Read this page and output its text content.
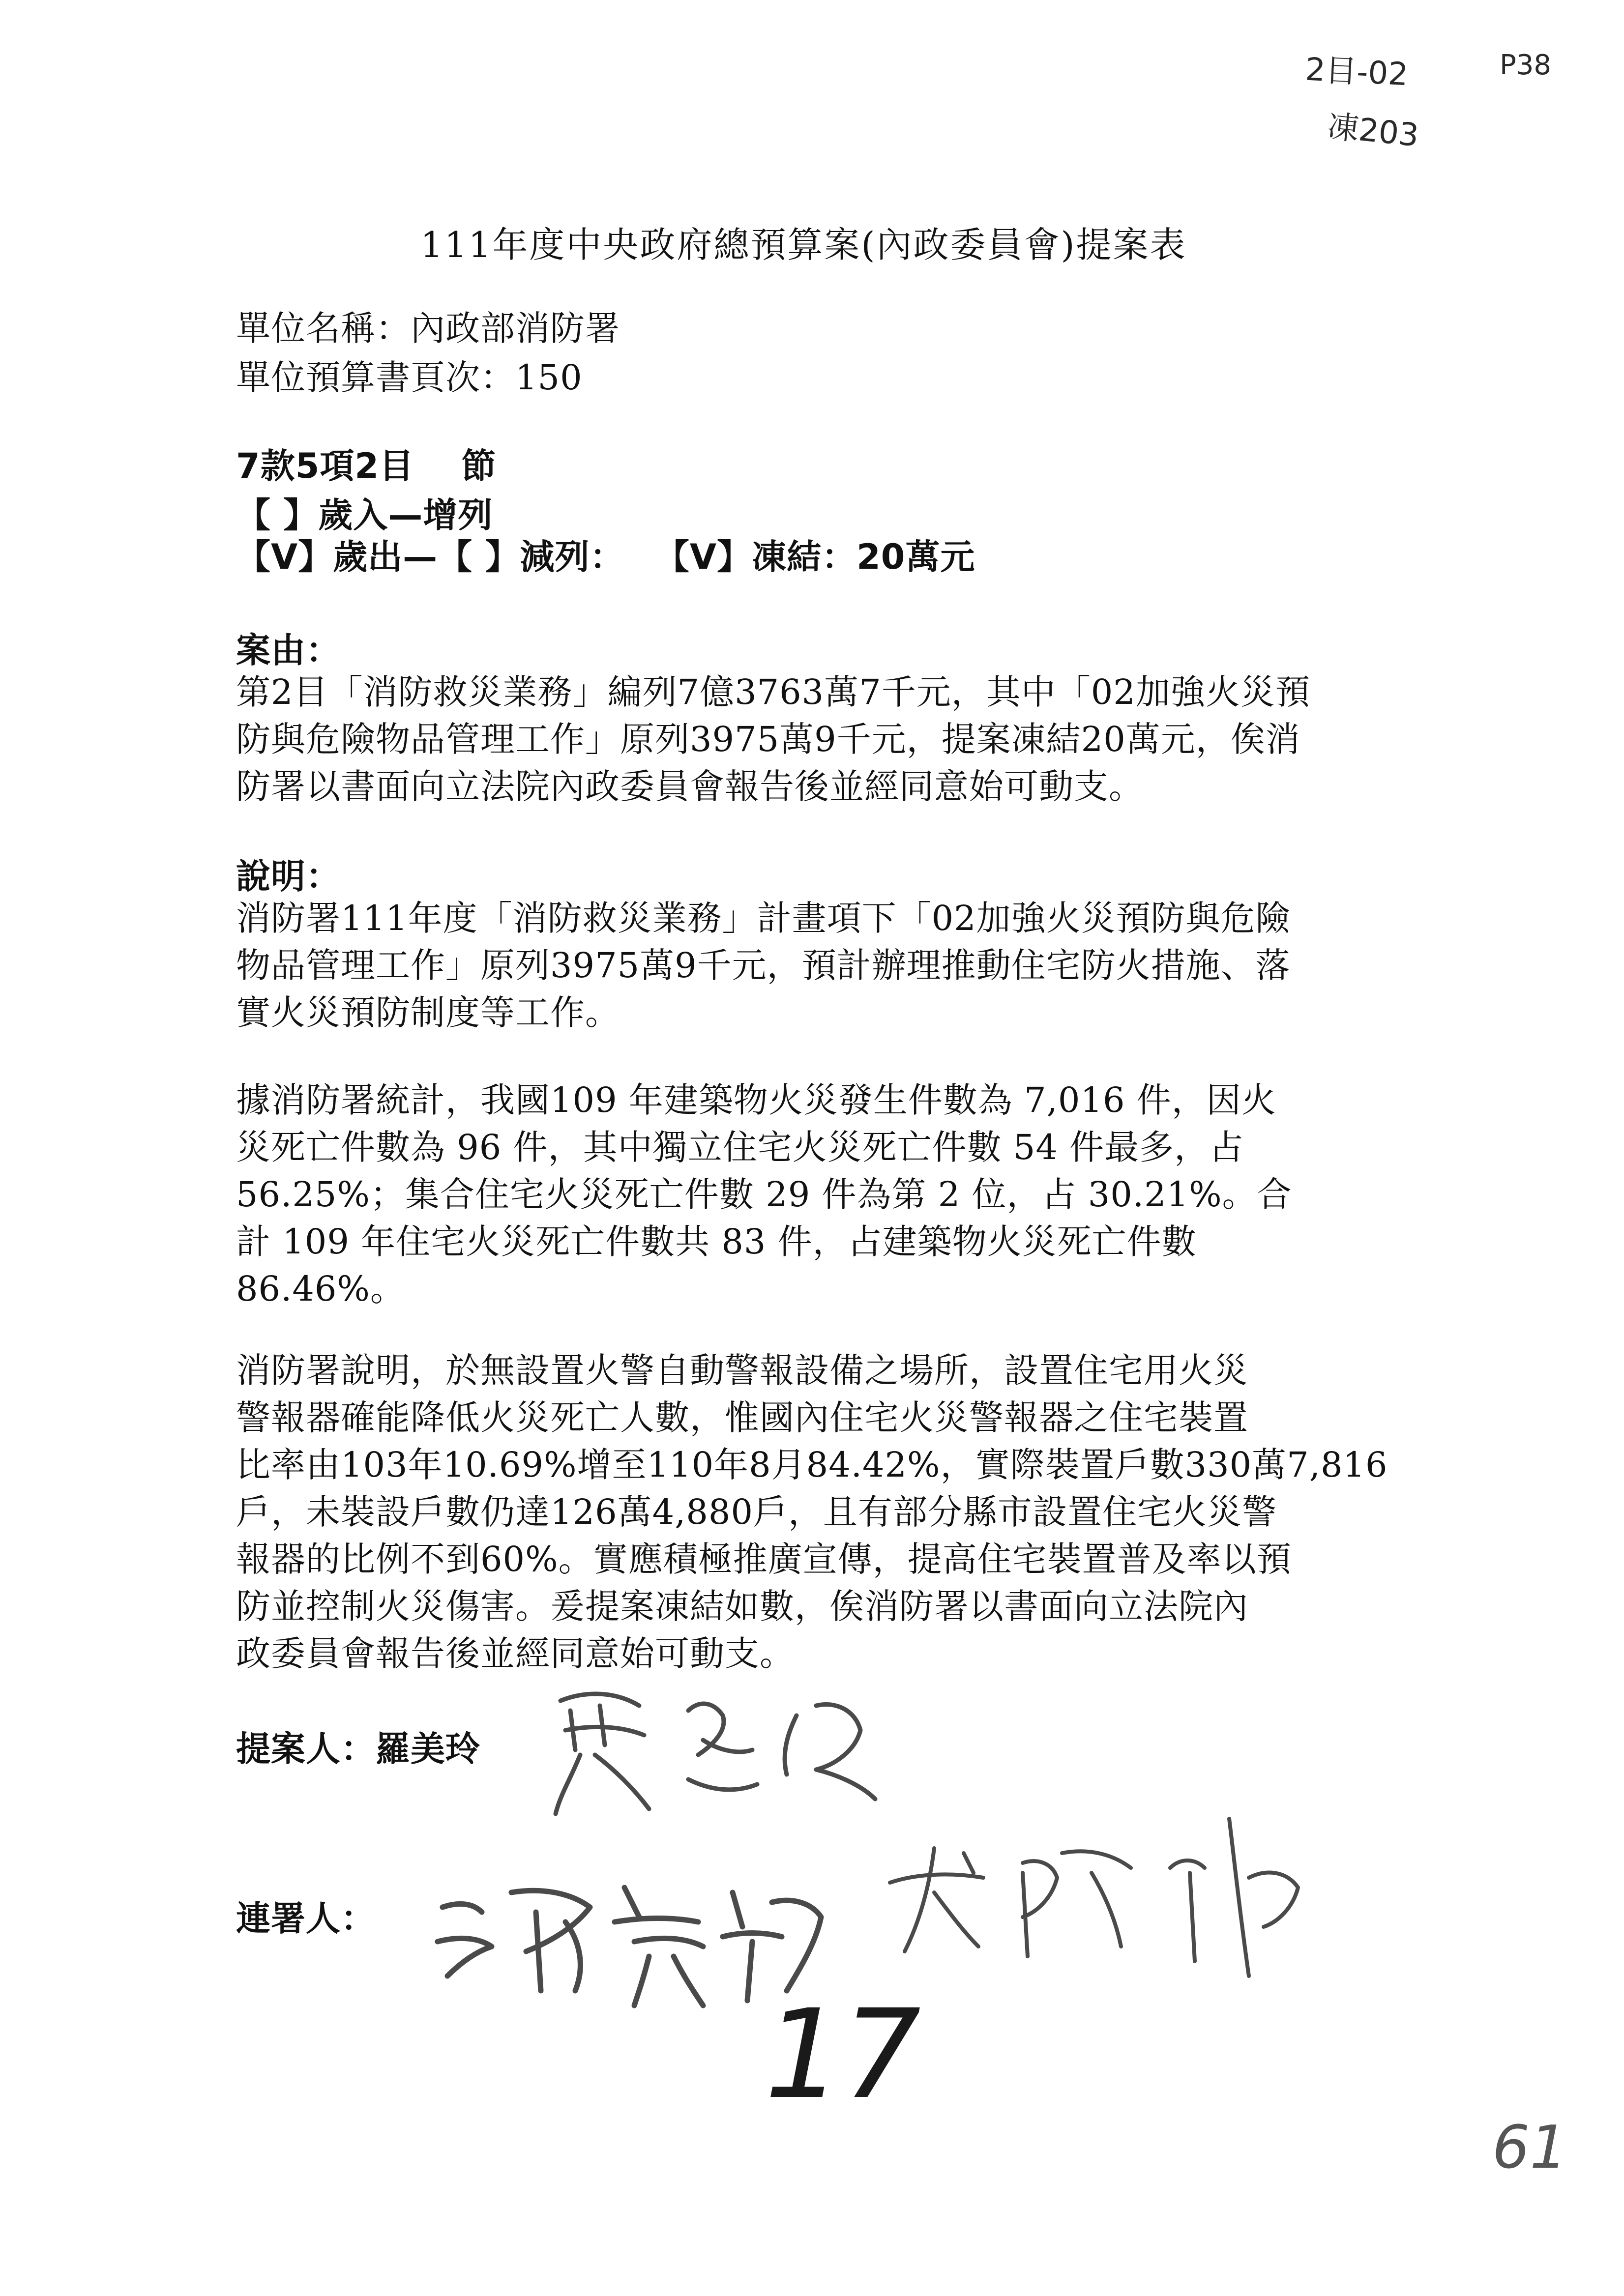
2目-02	P38
凍203
111年度中央政府總預算案(內政委員會)提案表
單位名稱：內政部消防署
單位預算書頁次：150
7款5項2目　 節
【 】歲入—增列
【V】歲出—【 】減列：　 【V】凍結：20萬元
案由：
第2目「消防救災業務」編列7億3763萬7千元，其中「02加強火災預
防與危險物品管理工作」原列3975萬9千元，提案凍結20萬元，俟消
防署以書面向立法院內政委員會報告後並經同意始可動支。
說明：
消防署111年度「消防救災業務」計畫項下「02加強火災預防與危險
物品管理工作」原列3975萬9千元，預計辦理推動住宅防火措施、落
實火災預防制度等工作。
據消防署統計，我國109 年建築物火災發生件數為 7,016 件，因火
災死亡件數為 96 件，其中獨立住宅火災死亡件數 54 件最多，占
56.25%；集合住宅火災死亡件數 29 件為第 2 位，占 30.21%。合
計 109 年住宅火災死亡件數共 83 件，占建築物火災死亡件數
86.46%。
消防署說明，於無設置火警自動警報設備之場所，設置住宅用火災
警報器確能降低火災死亡人數，惟國內住宅火災警報器之住宅裝置
比率由103年10.69%增至110年8月84.42%，實際裝置戶數330萬7,816
戶，未裝設戶數仍達126萬4,880戶，且有部分縣市設置住宅火災警
報器的比例不到60%。實應積極推廣宣傳，提高住宅裝置普及率以預
防並控制火災傷害。爰提案凍結如數，俟消防署以書面向立法院內
政委員會報告後並經同意始可動支。
提案人：羅美玲
連署人：
17
61
